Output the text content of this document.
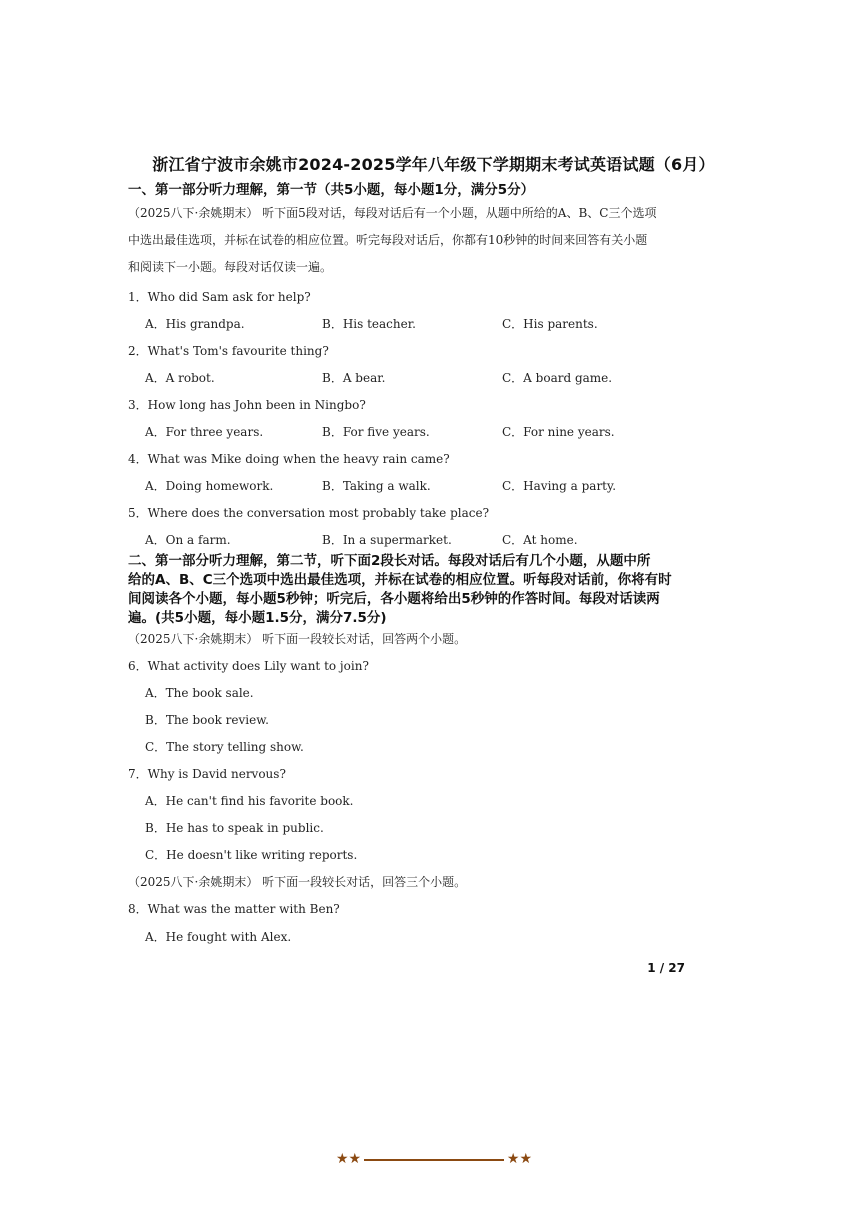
浙江省宁波市余姚市2024-2025学年八年级下学期期末考试英语试题（6月）
一、第一部分听力理解，第一节（共5小题，每小题1分，满分5分）
（2025八下·余姚期末） 听下面5段对话，每段对话后有一个小题，从题中所给的A、B、C三个选项
中选出最佳选项，并标在试卷的相应位置。听完每段对话后，你都有10秒钟的时间来回答有关小题
和阅读下一小题。每段对话仅读一遍。
1．Who did Sam ask for help?
A．His grandpa.	B．His teacher.	C．His parents.
2．What's Tom's favourite thing?
A．A robot.	B．A bear.	C．A board game.
3．How long has John been in Ningbo?
A．For three years.	B．For five years.	C．For nine years.
4．What was Mike doing when the heavy rain came?
A．Doing homework.	B．Taking a walk.	C．Having a party.
5．Where does the conversation most probably take place?
A．On a farm.	B．In a supermarket.	C．At home.
二、第一部分听力理解，第二节，听下面2段长对话。每段对话后有几个小题，从题中所
给的A、B、C三个选项中选出最佳选项，并标在试卷的相应位置。听每段对话前，你将有时
间阅读各个小题，每小题5秒钟；听完后，各小题将给出5秒钟的作答时间。每段对话读两
遍。(共5小题，每小题1.5分，满分7.5分)
（2025八下·余姚期末） 听下面一段较长对话，回答两个小题。
6．What activity does Lily want to join?
A．The book sale.
B．The book review.
C．The story telling show.
7．Why is David nervous?
A．He can't find his favorite book.
B．He has to speak in public.
C．He doesn't like writing reports.
（2025八下·余姚期末） 听下面一段较长对话，回答三个小题。
8．What was the matter with Ben?
A．He fought with Alex.
1 / 27
★★	★★
